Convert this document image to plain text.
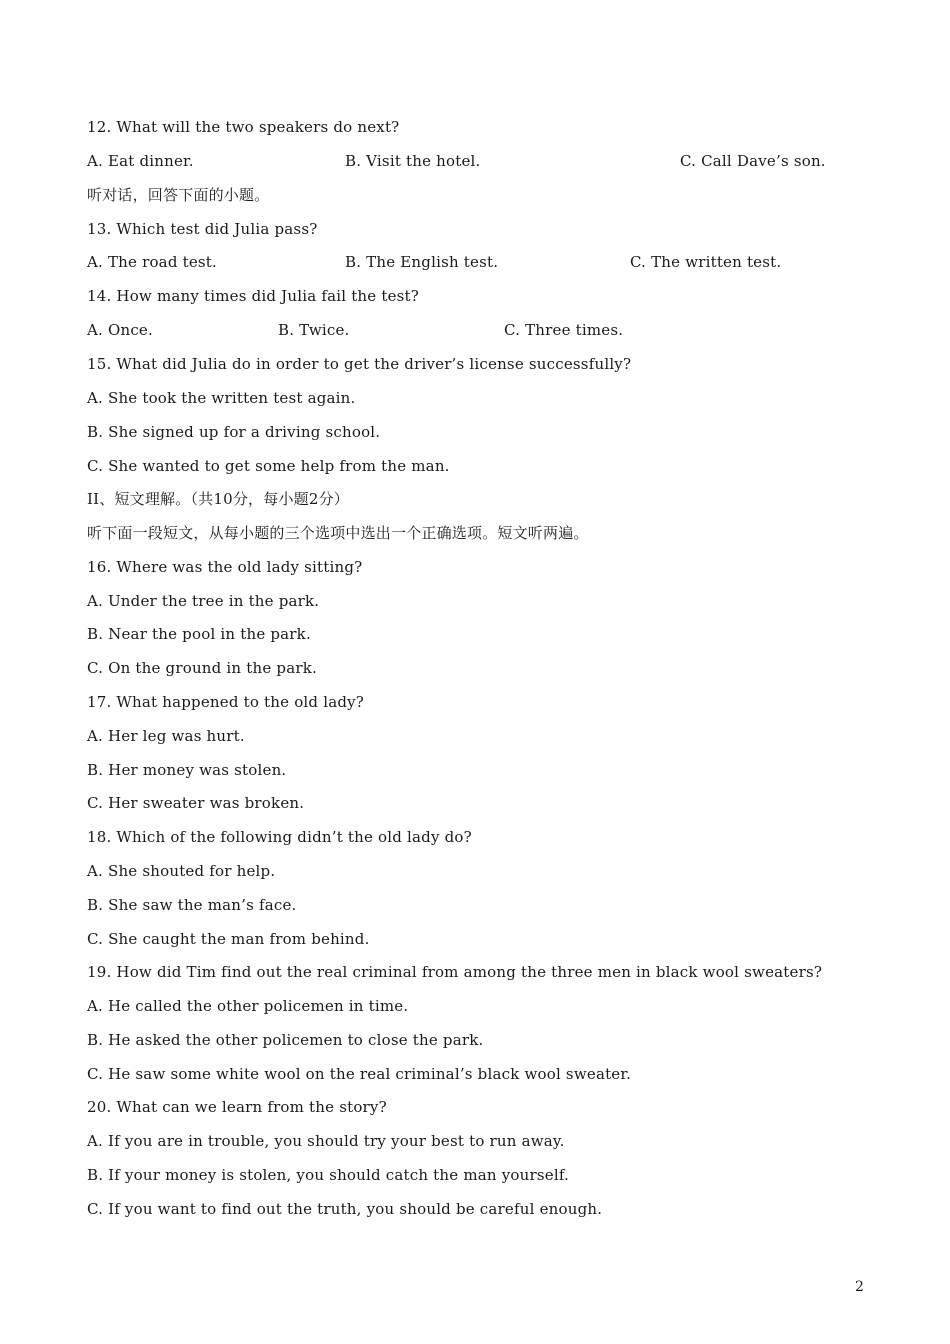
12. What will the two speakers do next?
A. Eat dinner.	B. Visit the hotel.	C. Call Dave’s son.
听对话，回答下面的小题。
13. Which test did Julia pass?
A. The road test.	B. The English test.	C. The written test.
14. How many times did Julia fail the test?
A. Once.	B. Twice.	C. Three times.
15. What did Julia do in order to get the driver’s license successfully?
A. She took the written test again.
B. She signed up for a driving school.
C. She wanted to get some help from the man.
II、短文理解。（共10分，每小题2分）
听下面一段短文，从每小题的三个选项中选出一个正确选项。短文听两遍。
16. Where was the old lady sitting?
A. Under the tree in the park.
B. Near the pool in the park.
C. On the ground in the park.
17. What happened to the old lady?
A. Her leg was hurt.
B. Her money was stolen.
C. Her sweater was broken.
18. Which of the following didn’t the old lady do?
A. She shouted for help.
B. She saw the man’s face.
C. She caught the man from behind.
19. How did Tim find out the real criminal from among the three men in black wool sweaters?
A. He called the other policemen in time.
B. He asked the other policemen to close the park.
C. He saw some white wool on the real criminal’s black wool sweater.
20. What can we learn from the story?
A. If you are in trouble, you should try your best to run away.
B. If your money is stolen, you should catch the man yourself.
C. If you want to find out the truth, you should be careful enough.
2
